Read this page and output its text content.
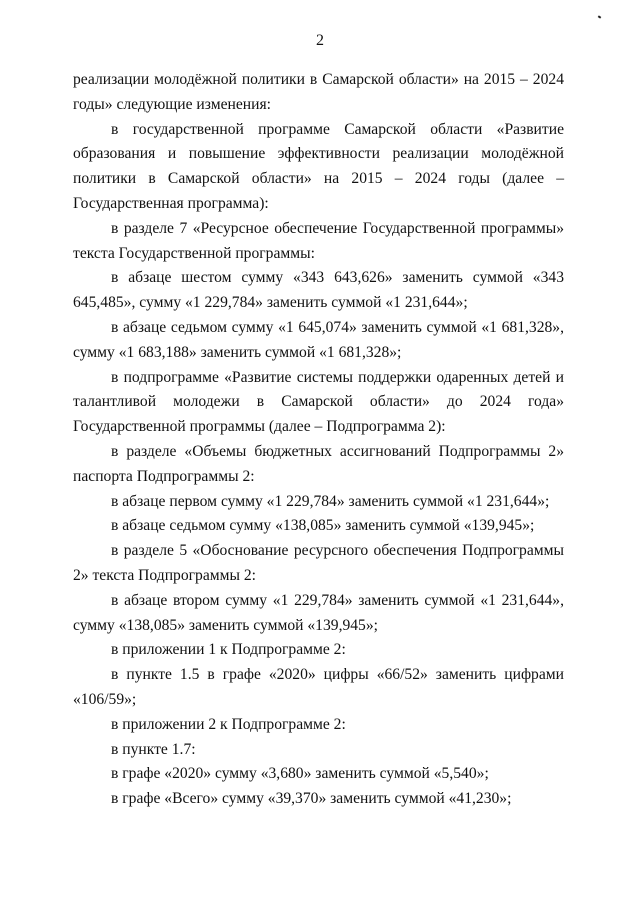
2

реализации молодёжной политики в Самарской области» на 2015 – 2024 годы» следующие изменения:

в государственной программе Самарской области «Развитие образования и повышение эффективности реализации молодёжной политики в Самарской области» на 2015 – 2024 годы (далее – Государственная программа):

в разделе 7 «Ресурсное обеспечение Государственной программы» текста Государственной программы:

в абзаце шестом сумму «343 643,626» заменить суммой «343 645,485», сумму «1 229,784» заменить суммой «1 231,644»;

в абзаце седьмом сумму «1 645,074» заменить суммой «1 681,328», сумму «1 683,188» заменить суммой «1 681,328»;

в подпрограмме «Развитие системы поддержки одаренных детей и талантливой молодежи в Самарской области» до 2024 года» Государственной программы (далее – Подпрограмма 2):

в разделе «Объемы бюджетных ассигнований Подпрограммы 2» паспорта Подпрограммы 2:

в абзаце первом сумму «1 229,784» заменить суммой «1 231,644»;

в абзаце седьмом сумму «138,085» заменить суммой «139,945»;

в разделе 5 «Обоснование ресурсного обеспечения Подпрограммы 2» текста Подпрограммы 2:

в абзаце втором сумму «1 229,784» заменить суммой «1 231,644», сумму «138,085» заменить суммой «139,945»;

в приложении 1 к Подпрограмме 2:

в пункте 1.5 в графе «2020» цифры «66/52» заменить цифрами «106/59»;

в приложении 2 к Подпрограмме 2:

в пункте 1.7:

в графе «2020» сумму «3,680» заменить суммой «5,540»;

в графе «Всего» сумму «39,370» заменить суммой «41,230»;
